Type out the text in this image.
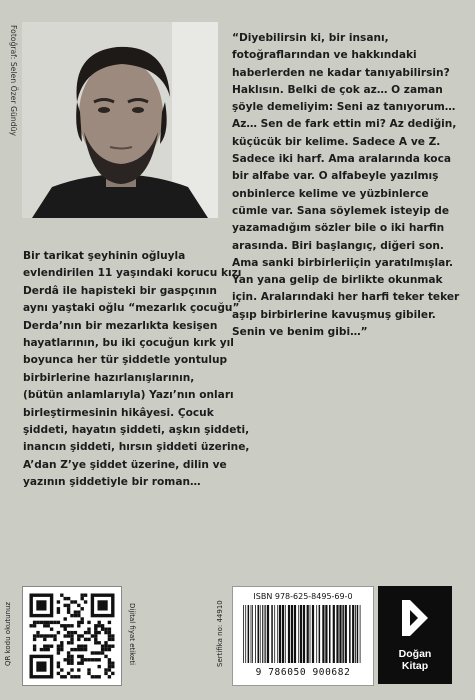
Fotoğraf: Selen Özer Gündüy	“Diyebilirsin ki, bir insanı,
fotoğraflarından ve hakkındaki
haberlerden ne kadar tanıyabilirsin?
Haklısın. Belki de çok az… O zaman
şöyle demeliyim: Seni az tanıyorum…
Az… Sen de fark ettin mi? Az dediğin,
küçücük bir kelime. Sadece A ve Z.
Sadece iki harf. Ama aralarında koca
bir alfabe var. O alfabeyle yazılmış
onbinlerce kelime ve yüzbinlerce
cümle var. Sana söylemek isteyip de
yazamadığım sözler bile o iki harfin
arasında. Biri başlangıç, diğeri son.
Ama sanki birbirleriiçin yaratılmışlar.
Yan yana gelip de birlikte okunmak
için. Aralarındaki her harfi teker teker
aşıp birbirlerine kavuşmuş gibiler.
Senin ve benim gibi…”
Bir tarikat şeyhinin oğluyla
evlendirilen 11 yaşındaki korucu kızı
Derdâ ile hapisteki bir gaspçının
aynı yaştaki oğlu “mezarlık çocuğu”
Derda’nın bir mezarlıkta kesişen
hayatlarının, bu iki çocuğun kırk yıl
boyunca her tür şiddetle yontulup
birbirlerine hazırlanışlarının,
(bütün anlamlarıyla) Yazı’nın onları
birleştirmesinin hikâyesi. Çocuk
şiddeti, hayatın şiddeti, aşkın şiddeti,
inancın şiddeti, hırsın şiddeti üzerine,
A’dan Z’ye şiddet üzerine, dilin ve
yazının şiddetiyle bir roman…
QR kodu okutunuz	Dijital fiyat etiketi	Sertifika no: 44910
ISBN 978-625-8495-69-0
9 786050 900682
Doğan
Kitap
